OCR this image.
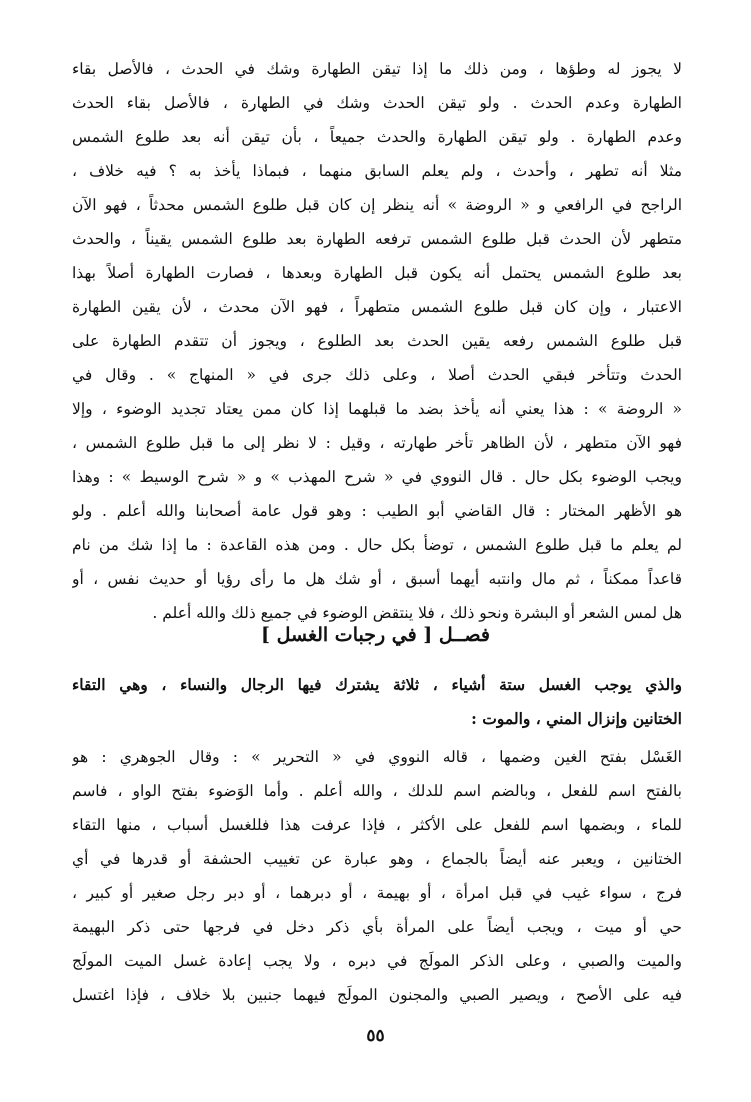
لا يجوز له وطؤها ، ومن ذلك ما إذا تيقن الطهارة وشك في الحدث ، فالأصل بقاء
الطهارة وعدم الحدث . ولو تيقن الحدث وشك في الطهارة ، فالأصل بقاء الحدث
وعدم الطهارة . ولو تيقن الطهارة والحدث جميعاً ، بأن تيقن أنه بعد طلوع الشمس
مثلا أنه تطهر ، وأحدث ، ولم يعلم السابق منهما ، فبماذا يأخذ به ؟ فيه خلاف ،
الراجح في الرافعي و « الروضة » أنه ينظر إن كان قبل طلوع الشمس محدثاً ، فهو الآن
متطهر لأن الحدث قبل طلوع الشمس ترفعه الطهارة بعد طلوع الشمس يقيناً ، والحدث
بعد طلوع الشمس يحتمل أنه يكون قبل الطهارة وبعدها ، فصارت الطهارة أصلاً بهذا
الاعتبار ، وإن كان قبل طلوع الشمس متطهراً ، فهو الآن محدث ، لأن يقين الطهارة
قبل طلوع الشمس رفعه يقين الحدث بعد الطلوع ، ويجوز أن تتقدم الطهارة على
الحدث وتتأخر فبقي الحدث أصلا ، وعلى ذلك جرى في « المنهاج » . وقال في
« الروضة » : هذا يعني أنه يأخذ بضد ما قبلهما إذا كان ممن يعتاد تجديد الوضوء ، وإلا
فهو الآن متطهر ، لأن الظاهر تأخر طهارته ، وقيل : لا نظر إلى ما قبل طلوع الشمس ،
ويجب الوضوء بكل حال . قال النووي في « شرح المهذب » و « شرح الوسيط » : وهذا
هو الأظهر المختار : قال القاضي أبو الطيب : وهو قول عامة أصحابنا والله أعلم . ولو
لم يعلم ما قبل طلوع الشمس ، توضأ بكل حال . ومن هذه القاعدة : ما إذا شك من نام
قاعداً ممكناً ، ثم مال وانتبه أيهما أسبق ، أو شك هل ما رأى رؤيا أو حديث نفس ، أو
هل لمس الشعر أو البشرة ونحو ذلك ، فلا ينتقض الوضوء في جميع ذلك والله أعلم .
فصــل [ في رجبات الغسل ]
والذي يوجب الغسل ستة أشياء ، ثلاثة يشترك فيها الرجال والنساء ، وهي التقاء
الختانين وإنزال المني ، والموت :
الغَسْل بفتح الغين وضمها ، قاله النووي في « التحرير » : وقال الجوهري : هو
بالفتح اسم للفعل ، وبالضم اسم للدلك ، والله أعلم . وأما الوَضوء بفتح الواو ، فاسم
للماء ، وبضمها اسم للفعل على الأكثر ، فإذا عرفت هذا فللغسل أسباب ، منها التقاء
الختانين ، ويعبر عنه أيضاً بالجماع ، وهو عبارة عن تغييب الحشفة أو قدرها في أي
فرج ، سواء غيب في قبل امرأة ، أو بهيمة ، أو دبرهما ، أو دبر رجل صغير أو كبير ،
حي أو ميت ، ويجب أيضاً على المرأة بأي ذكر دخل في فرجها حتى ذكر البهيمة
والميت والصبي ، وعلى الذكر المولَج في دبره ، ولا يجب إعادة غسل الميت المولَج
فيه على الأصح ، ويصير الصبي والمجنون المولَج فيهما جنبين بلا خلاف ، فإذا اغتسل
٥٥
